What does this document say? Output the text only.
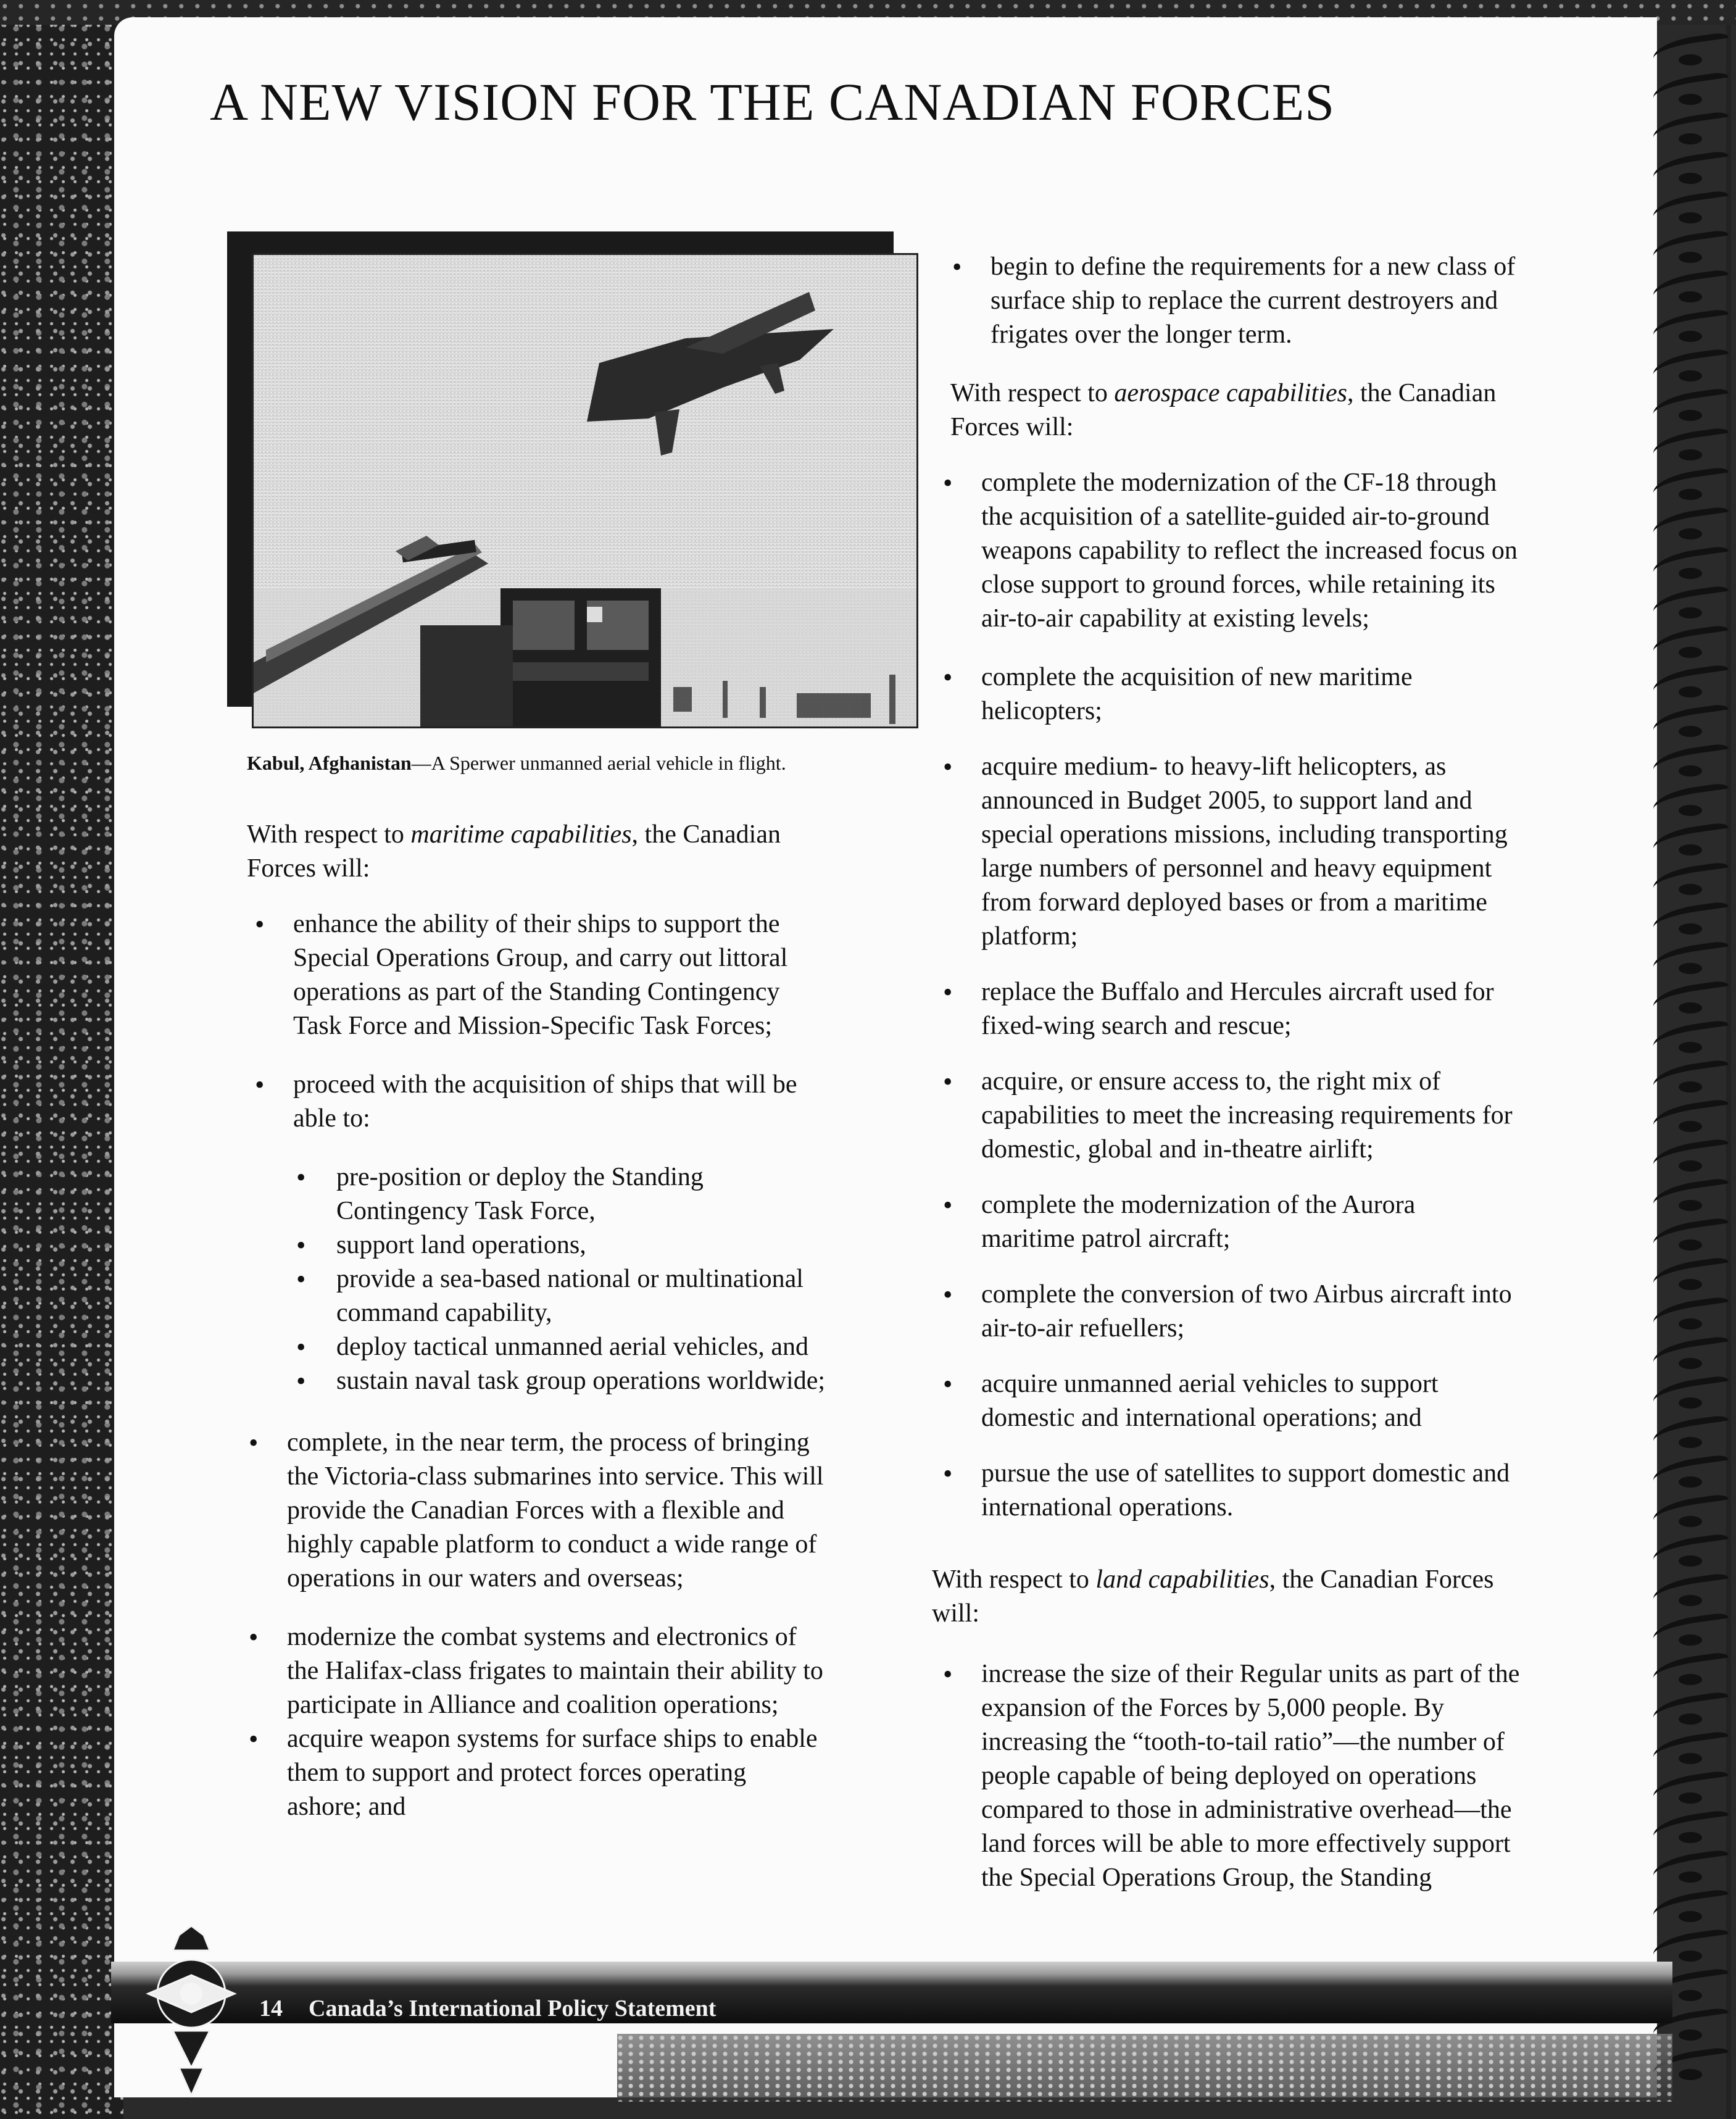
A NEW VISION FOR THE CANADIAN FORCES
Kabul, Afghanistan—A Sperwer unmanned aerial vehicle in flight.

With respect to maritime capabilities, the Canadian
Forces will:

• enhance the ability of their ships to support the
Special Operations Group, and carry out littoral
operations as part of the Standing Contingency
Task Force and Mission-Specific Task Forces;

• proceed with the acquisition of ships that will be
able to:

• pre-position or deploy the Standing
Contingency Task Force,

• support land operations,

• provide a sea-based national or multinational
command capability,

• deploy tactical unmanned aerial vehicles, and

• sustain naval task group operations worldwide;

• complete, in the near term, the process of bringing
the Victoria-class submarines into service. This will
provide the Canadian Forces with a flexible and
highly capable platform to conduct a wide range of
operations in our waters and overseas;

• modernize the combat systems and electronics of
the Halifax-class frigates to maintain their ability to
participate in Alliance and coalition operations;

• acquire weapon systems for surface ships to enable
them to support and protect forces operating
ashore; and

• begin to define the requirements for a new class of
surface ship to replace the current destroyers and
frigates over the longer term.

With respect to aerospace capabilities, the Canadian
Forces will:

• complete the modernization of the CF-18 through
the acquisition of a satellite-guided air-to-ground
weapons capability to reflect the increased focus on
close support to ground forces, while retaining its
air-to-air capability at existing levels;

• complete the acquisition of new maritime
helicopters;

• acquire medium- to heavy-lift helicopters, as
announced in Budget 2005, to support land and
special operations missions, including transporting
large numbers of personnel and heavy equipment
from forward deployed bases or from a maritime
platform;

• replace the Buffalo and Hercules aircraft used for
fixed-wing search and rescue;

• acquire, or ensure access to, the right mix of
capabilities to meet the increasing requirements for
domestic, global and in-theatre airlift;

• complete the modernization of the Aurora
maritime patrol aircraft;

• complete the conversion of two Airbus aircraft into
air-to-air refuellers;

• acquire unmanned aerial vehicles to support
domestic and international operations; and

• pursue the use of satellites to support domestic and
international operations.

With respect to land capabilities, the Canadian Forces
will:

• increase the size of their Regular units as part of the
expansion of the Forces by 5,000 people. By
increasing the “tooth-to-tail ratio”—the number of
people capable of being deployed on operations
compared to those in administrative overhead—the
land forces will be able to more effectively support
the Special Operations Group, the Standing

14 Canada’s International Policy Statement
